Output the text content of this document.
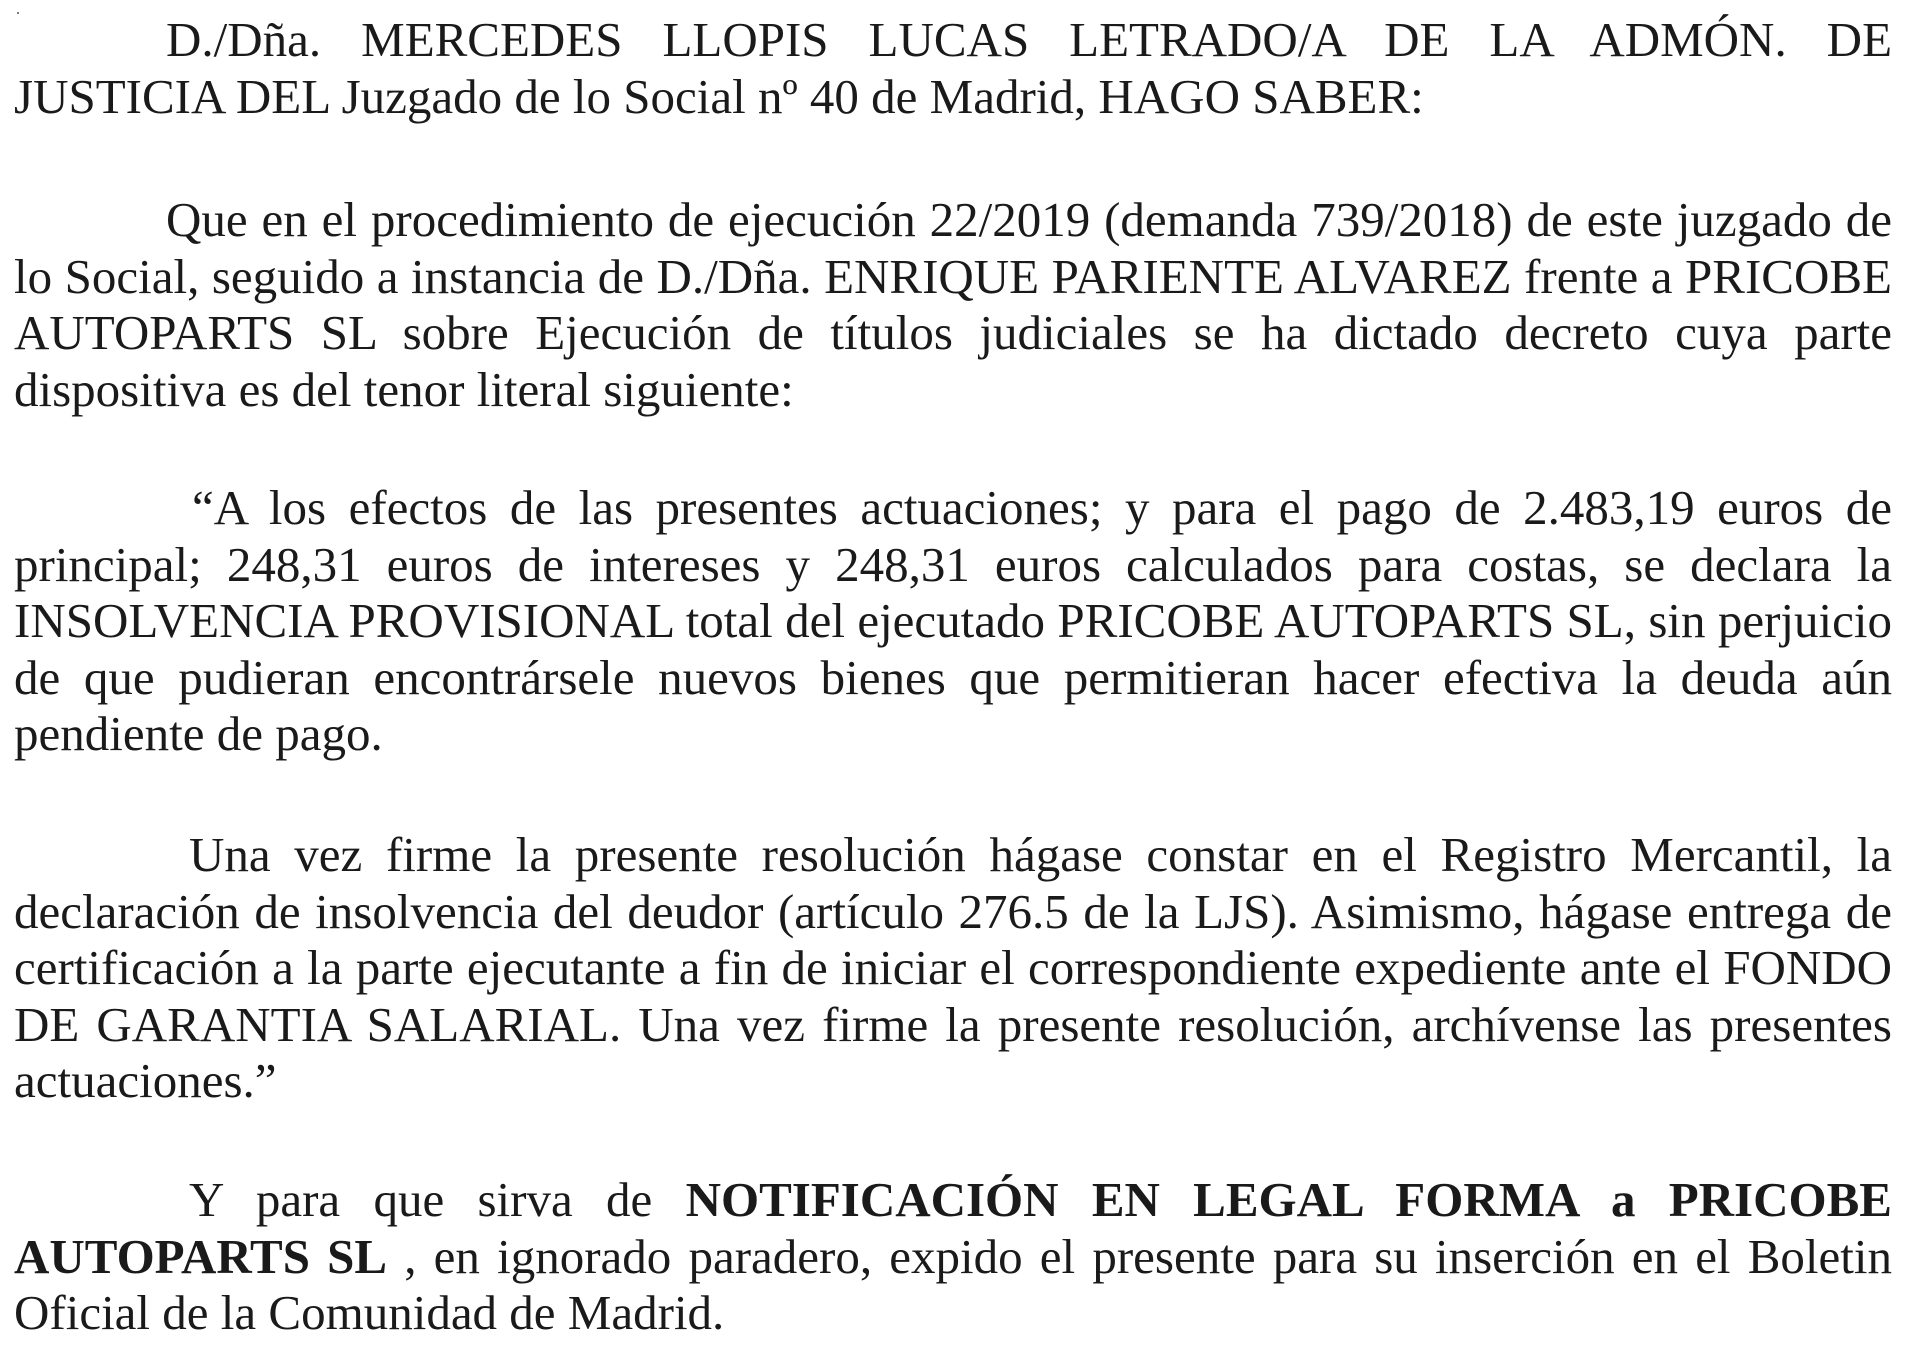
D./Dña. MERCEDES LLOPIS LUCAS LETRADO/A DE LA ADMÓN. DE JUSTICIA DEL Juzgado de lo Social nº 40 de Madrid, HAGO SABER:

Que en el procedimiento de ejecución 22/2019 (demanda 739/2018) de este juzgado de lo Social, seguido a instancia de D./Dña. ENRIQUE PARIENTE ALVAREZ frente a PRICOBE AUTOPARTS SL sobre Ejecución de títulos judiciales se ha dictado decreto cuya parte dispositiva es del tenor literal siguiente:

“A los efectos de las presentes actuaciones; y para el pago de 2.483,19 euros de principal; 248,31 euros de intereses y 248,31 euros calculados para costas, se declara la INSOLVENCIA PROVISIONAL total del ejecutado PRICOBE AUTOPARTS SL, sin perjuicio de que pudieran encontrársele nuevos bienes que permitieran hacer efectiva la deuda aún pendiente de pago.

Una vez firme la presente resolución hágase constar en el Registro Mercantil, la declaración de insolvencia del deudor (artículo 276.5 de la LJS). Asimismo, hágase entrega de certificación a la parte ejecutante a fin de iniciar el correspondiente expediente ante el FONDO DE GARANTIA SALARIAL. Una vez firme la presente resolución, archívense las presentes actuaciones.”

Y para que sirva de NOTIFICACIÓN EN LEGAL FORMA a PRICOBE AUTOPARTS SL , en ignorado paradero, expido el presente para su inserción en el Boletin Oficial de la Comunidad de Madrid.
